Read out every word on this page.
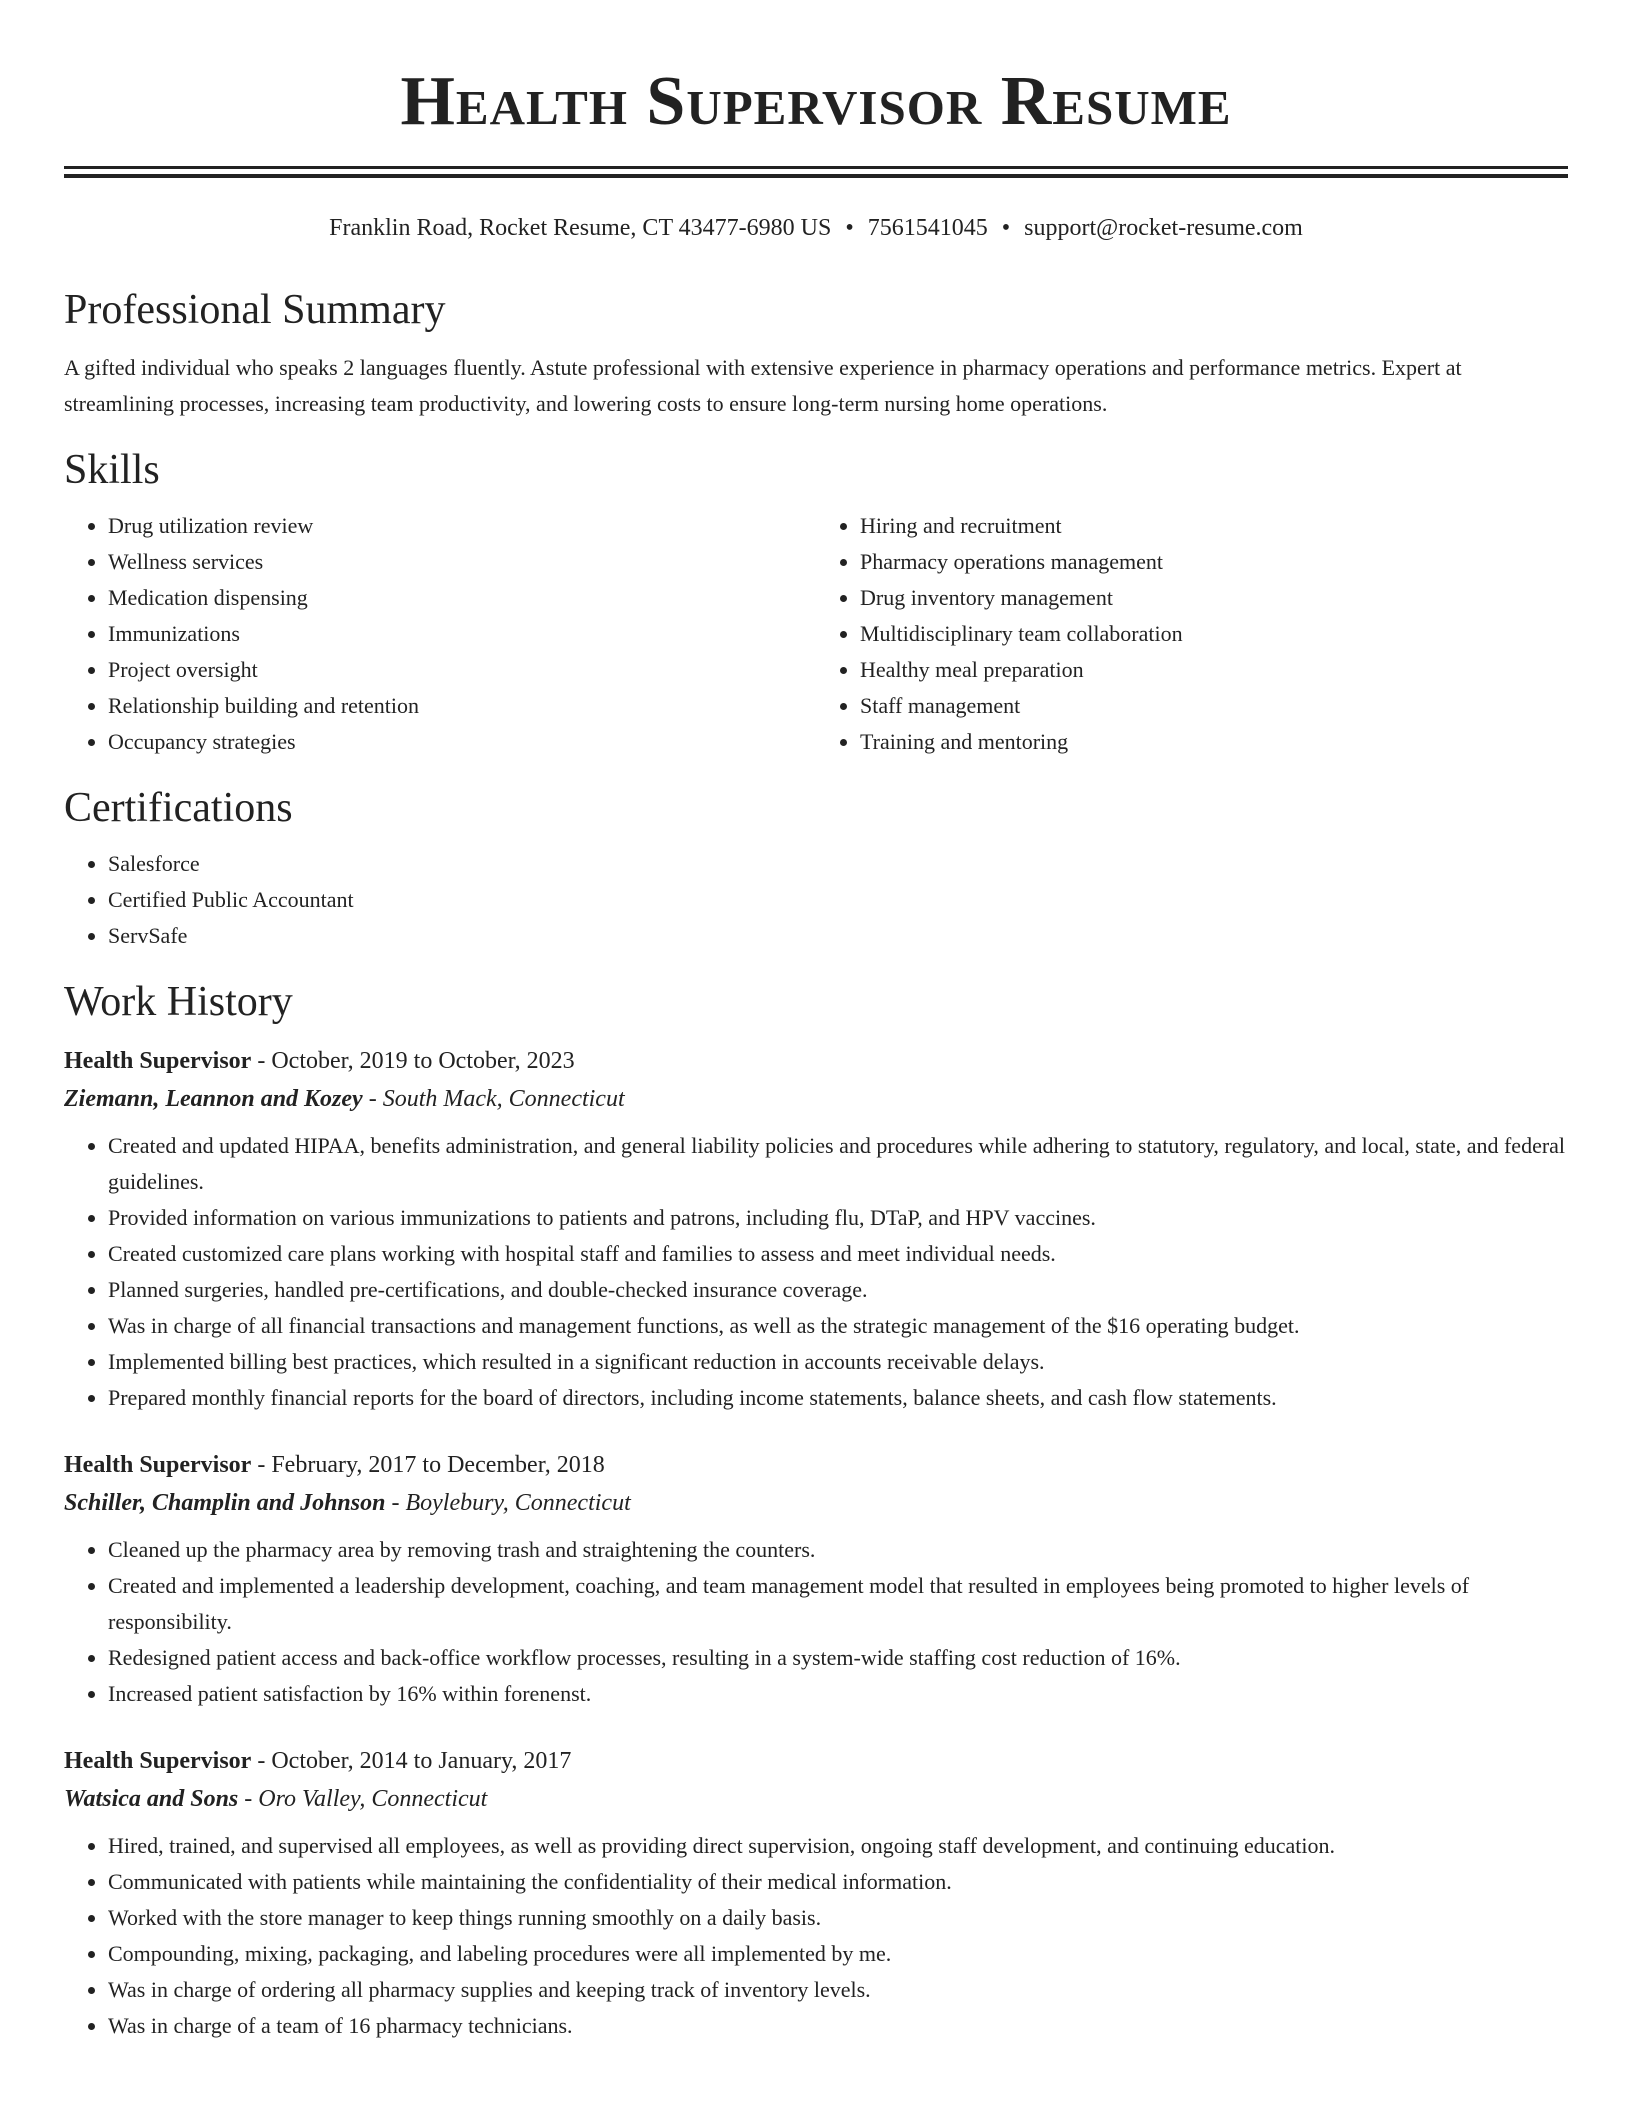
Health Supervisor Resume
Franklin Road, Rocket Resume, CT 43477-6980 US • 7561541045 • support@rocket-resume.com
Professional Summary

A gifted individual who speaks 2 languages fluently. Astute professional with extensive experience in pharmacy operations and performance metrics. Expert at streamlining processes, increasing team productivity, and lowering costs to ensure long-term nursing home operations.

Skills
• Drug utilization review
• Wellness services
• Medication dispensing
• Immunizations
• Project oversight
• Relationship building and retention
• Occupancy strategies
• Hiring and recruitment
• Pharmacy operations management
• Drug inventory management
• Multidisciplinary team collaboration
• Healthy meal preparation
• Staff management
• Training and mentoring
Certifications
• Salesforce
• Certified Public Accountant
• ServSafe
Work History
Health Supervisor - October, 2019 to October, 2023
Ziemann, Leannon and Kozey - South Mack, Connecticut
• Created and updated HIPAA, benefits administration, and general liability policies and procedures while adhering to statutory, regulatory, and local, state, and federal guidelines.
• Provided information on various immunizations to patients and patrons, including flu, DTaP, and HPV vaccines.
• Created customized care plans working with hospital staff and families to assess and meet individual needs.
• Planned surgeries, handled pre-certifications, and double-checked insurance coverage.
• Was in charge of all financial transactions and management functions, as well as the strategic management of the $16 operating budget.
• Implemented billing best practices, which resulted in a significant reduction in accounts receivable delays.
• Prepared monthly financial reports for the board of directors, including income statements, balance sheets, and cash flow statements.
Health Supervisor - February, 2017 to December, 2018
Schiller, Champlin and Johnson - Boylebury, Connecticut
• Cleaned up the pharmacy area by removing trash and straightening the counters.
• Created and implemented a leadership development, coaching, and team management model that resulted in employees being promoted to higher levels of responsibility.
• Redesigned patient access and back-office workflow processes, resulting in a system-wide staffing cost reduction of 16%.
• Increased patient satisfaction by 16% within forenenst.
Health Supervisor - October, 2014 to January, 2017
Watsica and Sons - Oro Valley, Connecticut
• Hired, trained, and supervised all employees, as well as providing direct supervision, ongoing staff development, and continuing education.
• Communicated with patients while maintaining the confidentiality of their medical information.
• Worked with the store manager to keep things running smoothly on a daily basis.
• Compounding, mixing, packaging, and labeling procedures were all implemented by me.
• Was in charge of ordering all pharmacy supplies and keeping track of inventory levels.
• Was in charge of a team of 16 pharmacy technicians.
